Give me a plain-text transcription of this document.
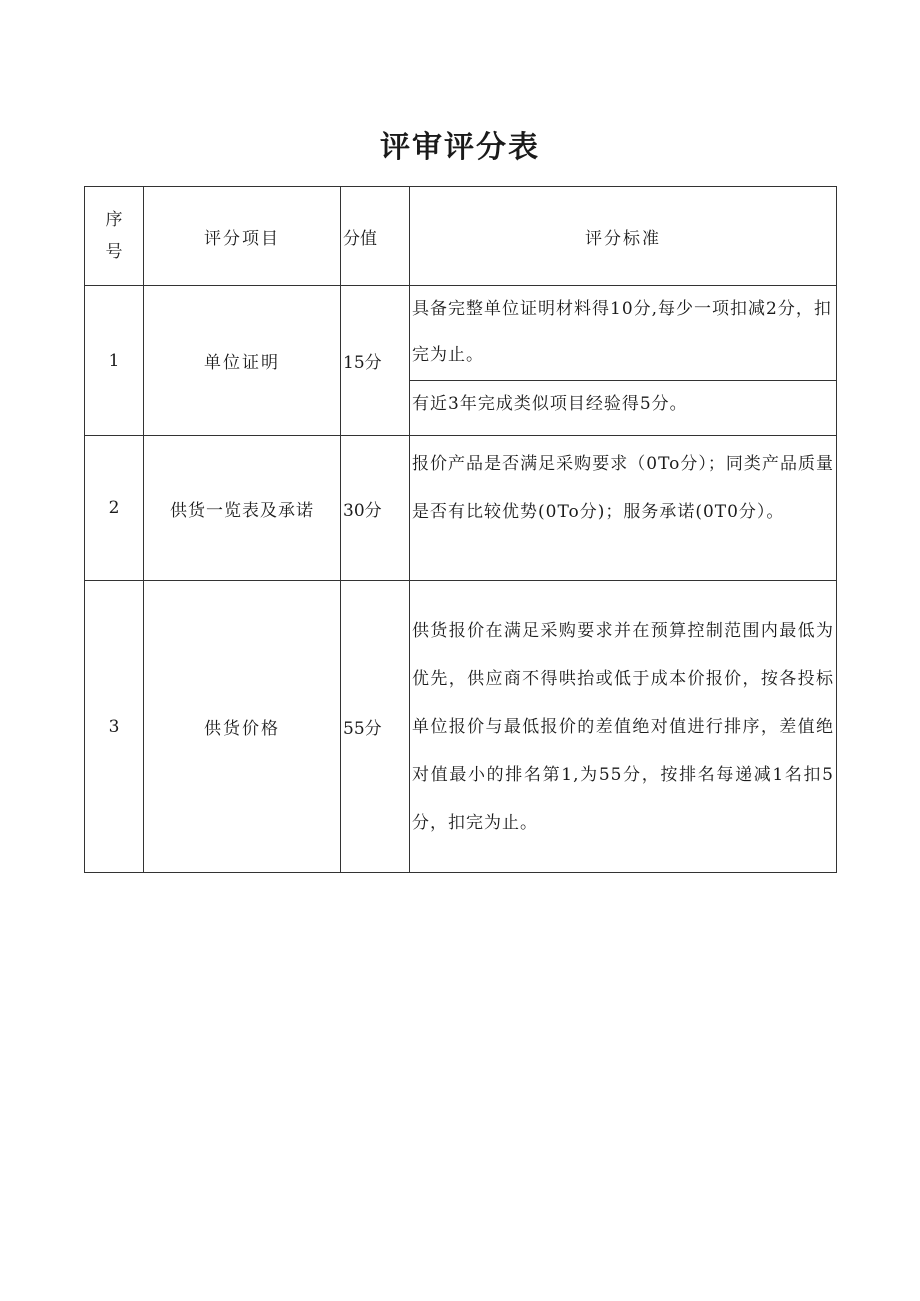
评审评分表
序
号	评分项目	分值	评分标准
1	单位证明	15分	具备完整单位证明材料得10分,每少一项扣减2分，扣完为止。
有近3年完成类似项目经验得5分。

2	供货一览表及承诺	30分	报价产品是否满足采购要求（0To分）；同类产品质量是否有比较优势(0To分)；服务承诺(0T0分）。
3	供货价格	55分	供货报价在满足采购要求并在预算控制范围内最低为优先，供应商不得哄抬或低于成本价报价，按各投标单位报价与最低报价的差值绝对值进行排序，差值绝对值最小的排名第1,为55分，按排名每递减1名扣5分，扣完为止。
